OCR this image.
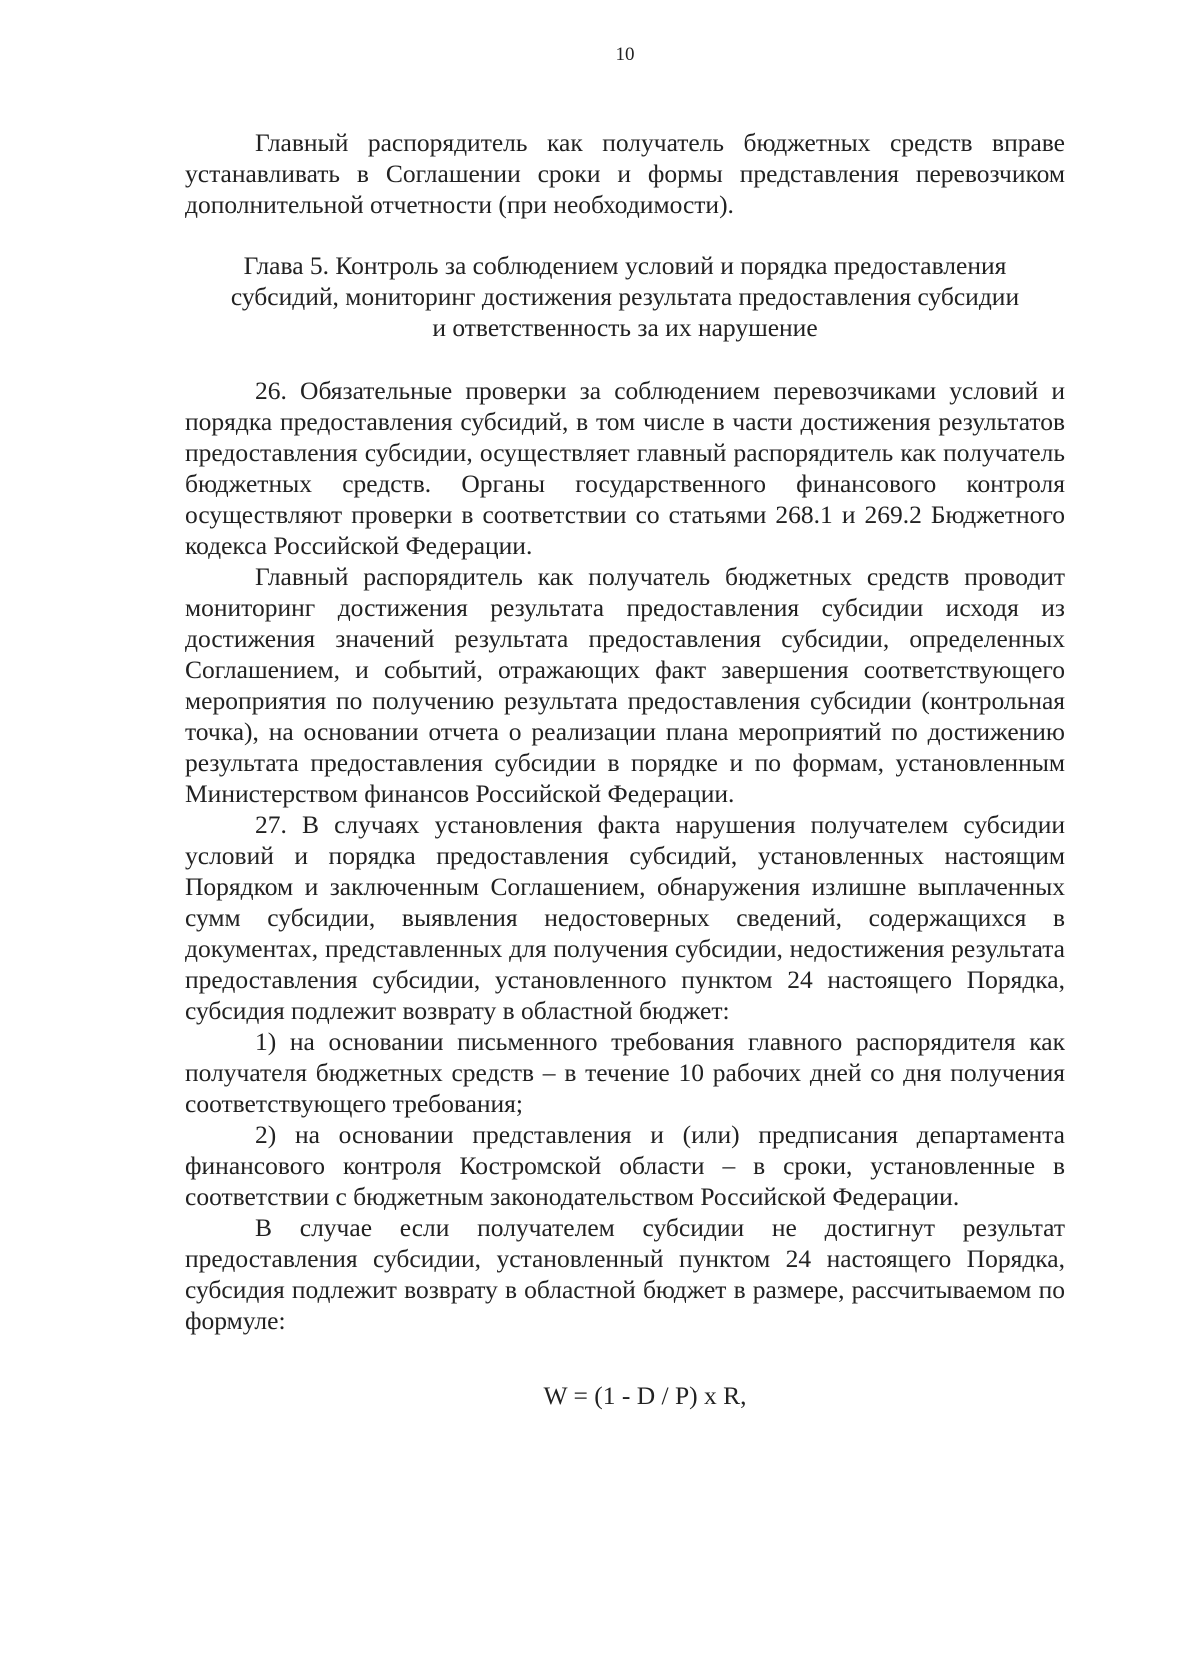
10

Главный распорядитель как получатель бюджетных средств вправе устанавливать в Соглашении сроки и формы представления перевозчиком дополнительной отчетности (при необходимости).

Глава 5. Контроль за соблюдением условий и порядка предоставления
субсидий, мониторинг достижения результата предоставления субсидии
и ответственность за их нарушение

26. Обязательные проверки за соблюдением перевозчиками условий и порядка предоставления субсидий, в том числе в части достижения результатов предоставления субсидии, осуществляет главный распорядитель как получатель бюджетных средств. Органы государственного финансового контроля осуществляют проверки в соответствии со статьями 268.1 и 269.2 Бюджетного кодекса Российской Федерации.

Главный распорядитель как получатель бюджетных средств проводит мониторинг достижения результата предоставления субсидии исходя из достижения значений результата предоставления субсидии, определенных Соглашением, и событий, отражающих факт завершения соответствующего мероприятия по получению результата предоставления субсидии (контрольная точка), на основании отчета о реализации плана мероприятий по достижению результата предоставления субсидии в порядке и по формам, установленным Министерством финансов Российской Федерации.

27. В случаях установления факта нарушения получателем субсидии условий и порядка предоставления субсидий, установленных настоящим Порядком и заключенным Соглашением, обнаружения излишне выплаченных сумм субсидии, выявления недостоверных сведений, содержащихся в документах, представленных для получения субсидии, недостижения результата предоставления субсидии, установленного пунктом 24 настоящего Порядка, субсидия подлежит возврату в областной бюджет:

1) на основании письменного требования главного распорядителя как получателя бюджетных средств – в течение 10 рабочих дней со дня получения соответствующего требования;

2) на основании представления и (или) предписания департамента финансового контроля Костромской области – в сроки, установленные в соответствии с бюджетным законодательством Российской Федерации.

В случае если получателем субсидии не достигнут результат предоставления субсидии, установленный пунктом 24 настоящего Порядка, субсидия подлежит возврату в областной бюджет в размере, рассчитываемом по формуле:

W = (1 - D / P) x R,
